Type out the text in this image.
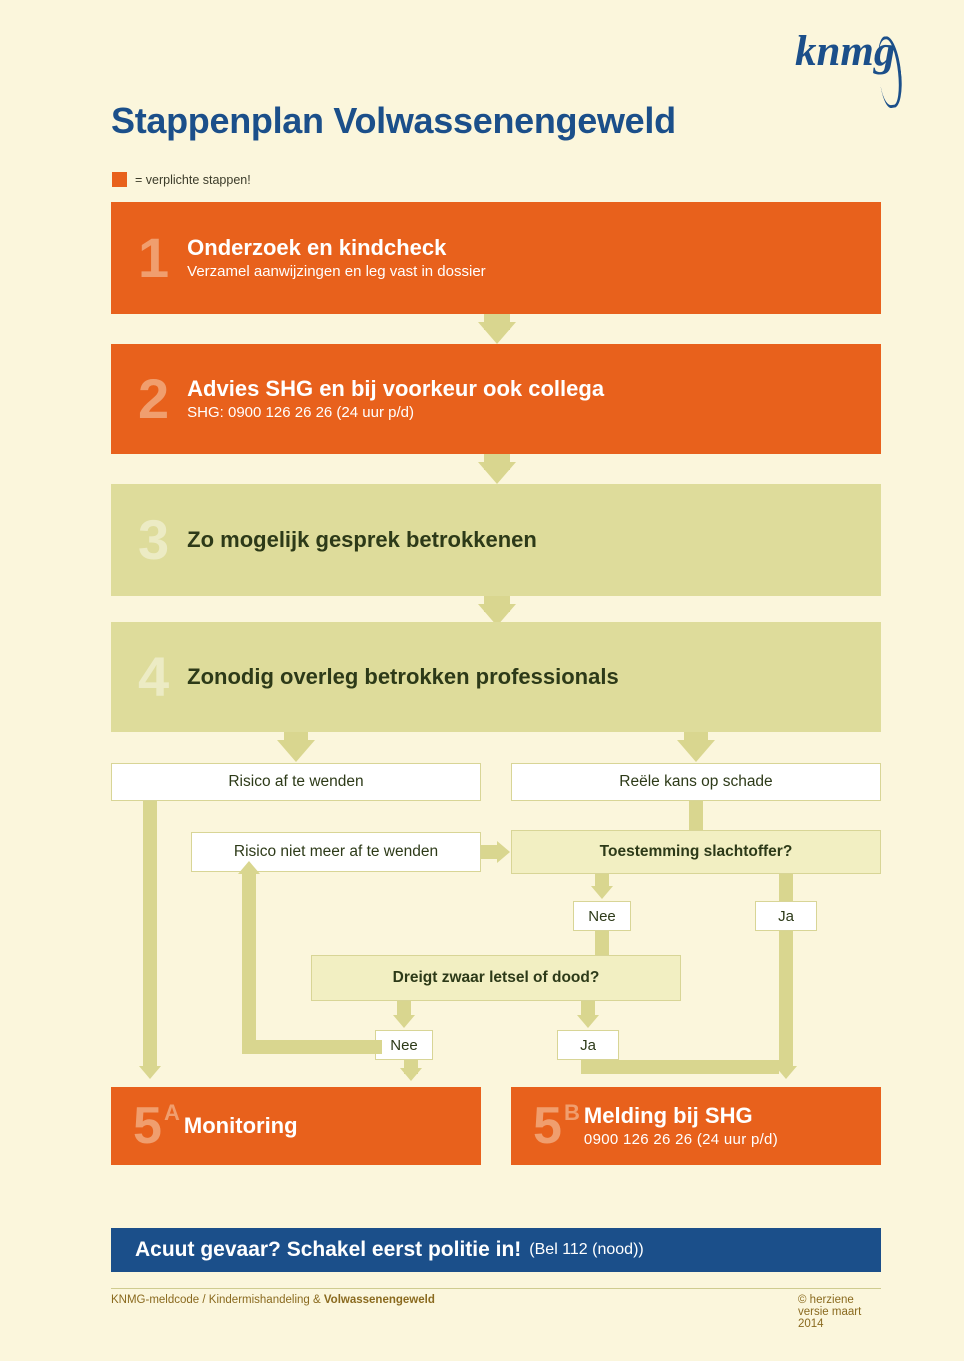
knmg
Stappenplan Volwassenengeweld
= verplichte stappen!
1 Onderzoek en kindcheck
Verzamel aanwijzingen en leg vast in dossier
2 Advies SHG en bij voorkeur ook collega
SHG: 0900 126 26 26 (24 uur p/d)
3 Zo mogelijk gesprek betrokkenen
4 Zonodig overleg betrokken professionals
Risico af te wenden	Reële kans op schade
Risico niet meer af te wenden	Toestemming slachtoffer?
Nee	Ja
Dreigt zwaar letsel of dood?
Nee	Ja
5 A
Monitoring	5 B Melding bij SHG
0900 126 26 26 (24 uur p/d)
Acuut gevaar? Schakel eerst politie in! (Bel 112 (nood))
KNMG-meldcode / Kindermishandeling & Volwassenengeweld	© herziene versie maart 2014
